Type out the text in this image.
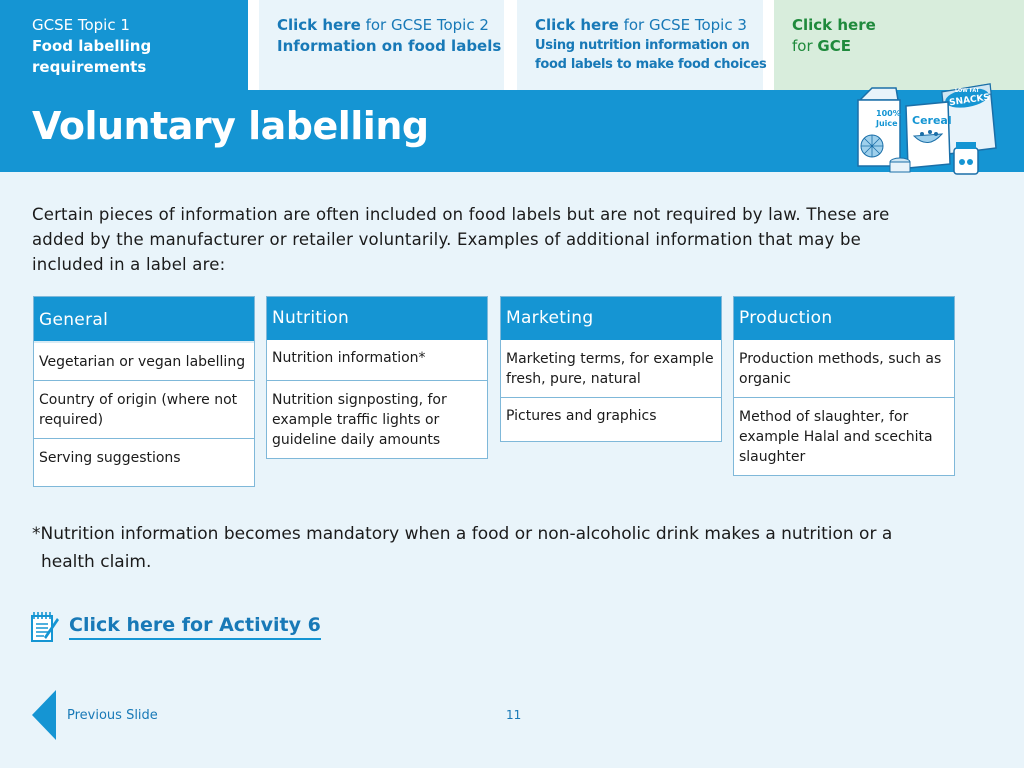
GCSE Topic 1
Food labelling
requirements
Click here for GCSE Topic 2
Information on food labels
Click here for GCSE Topic 3
Using nutrition information on
food labels to make food choices
Click here
for GCE
Voluntary labelling
LOW FAT
SNACKS
Cereal
100%
Juice

Certain pieces of information are often included on food labels but are not required by law. These are added by the manufacturer or retailer voluntarily. Examples of additional information that may be included in a label are:

General
Vegetarian or vegan labelling
Country of origin (where not required)
Serving suggestions
Nutrition
Nutrition information*
Nutrition signposting, for example traffic lights or guideline daily amounts
Marketing
Marketing terms, for example fresh, pure, natural
Pictures and graphics
Production
Production methods, such as organic
Method of slaughter, for example Halal and scechita slaughter

*Nutrition information becomes mandatory when a food or non-alcoholic drink makes a nutrition or a
health claim.

Click here for Activity 6
Previous Slide	11
